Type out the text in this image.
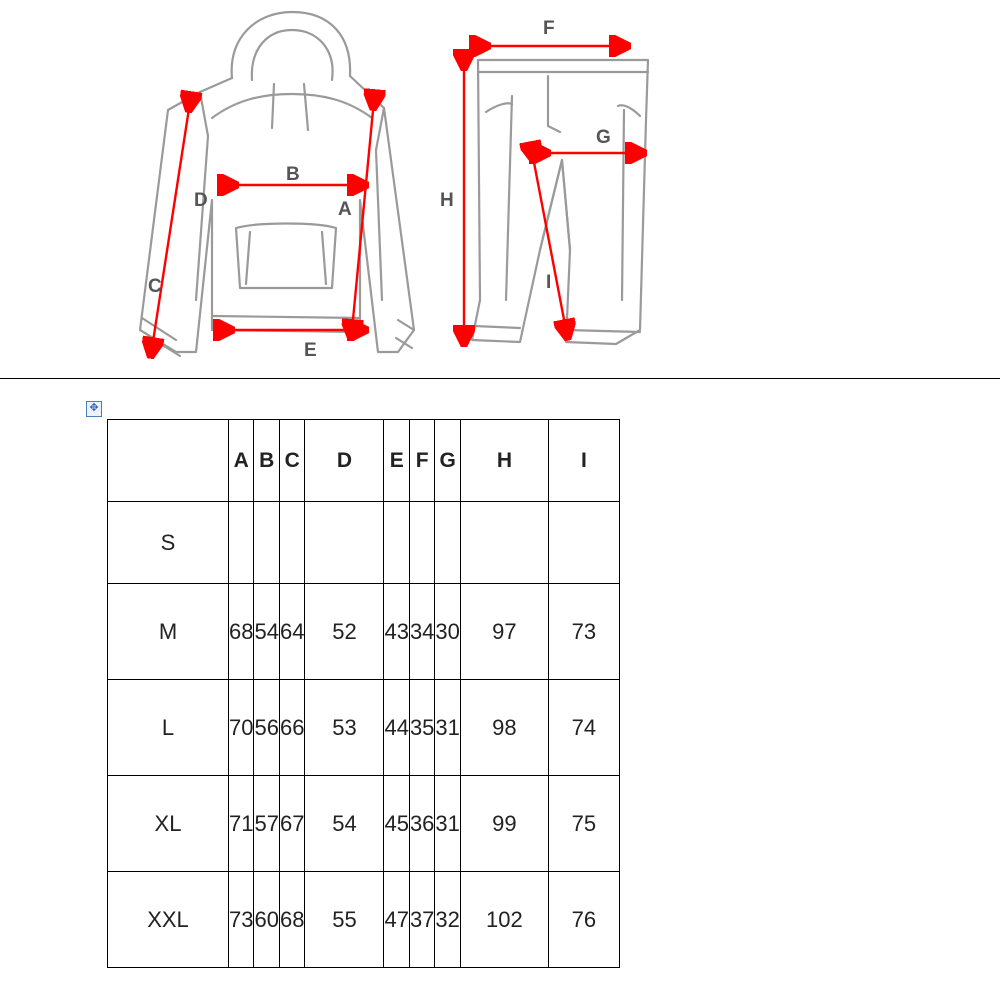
A
B
C
D
E
F
G
H
I
✥
	A	B	C	D	E	F	G	H	I
S									
M	68	54	64	52	43	34	30	97	73
L	70	56	66	53	44	35	31	98	74
XL	71	57	67	54	45	36	31	99	75
XXL	73	60	68	55	47	37	32	102	76
